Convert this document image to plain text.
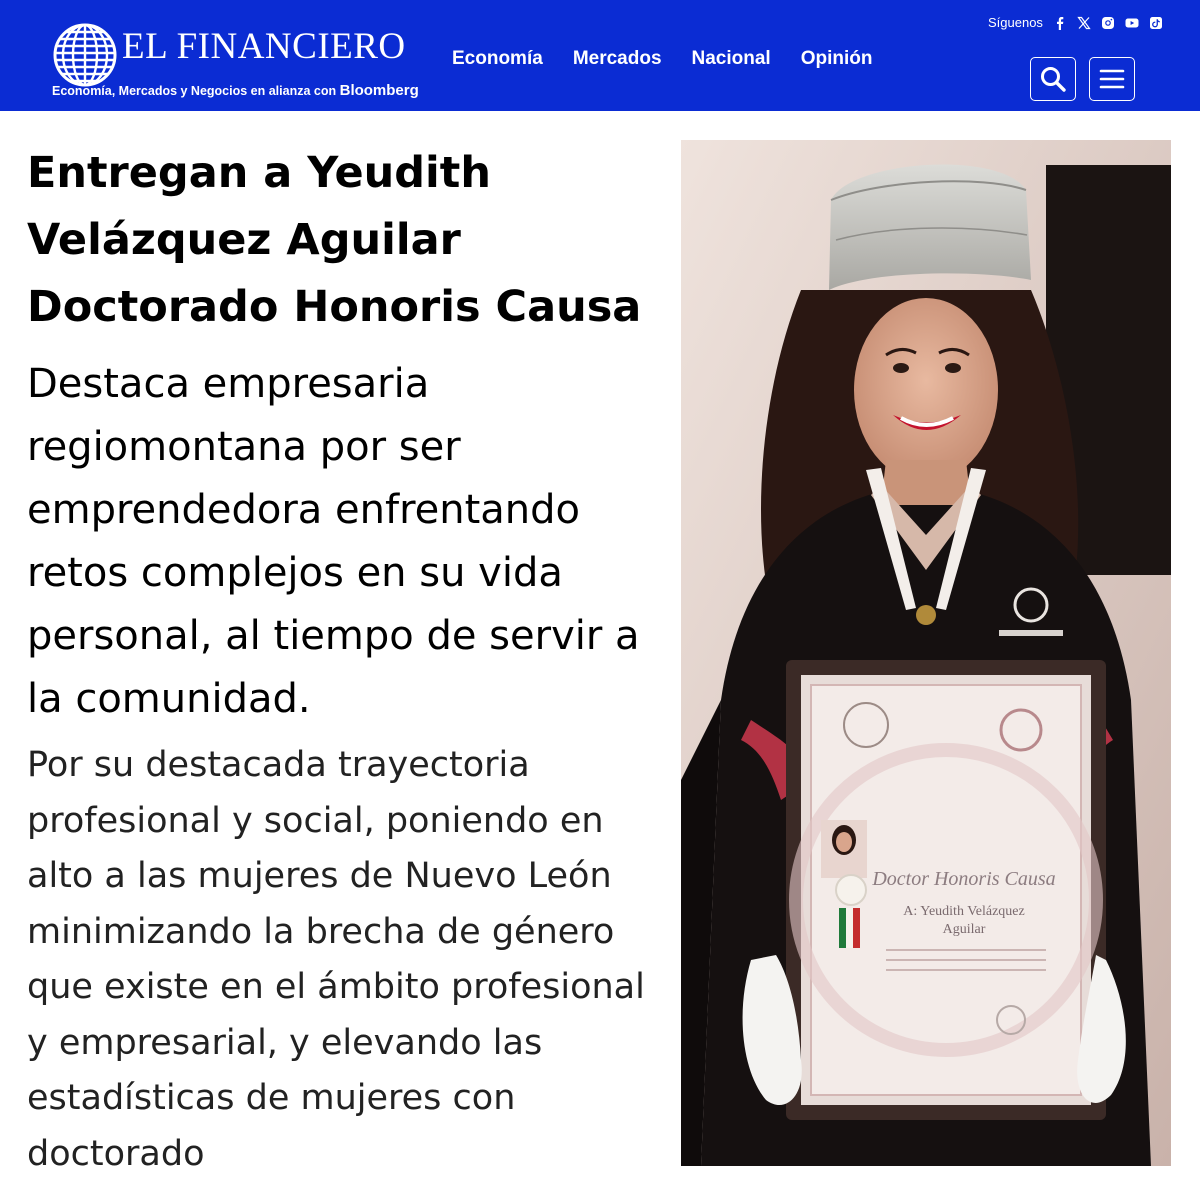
EL FINANCIERO
Economía, Mercados y Negocios en alianza con Bloomberg
Economía Mercados Nacional Opinión
Síguenos
Entregan a Yeudith Velázquez Aguilar Doctorado Honoris Causa

Destaca empresaria regiomontana por ser emprendedora enfrentando retos complejos en su vida personal, al tiempo de servir a la comunidad.

Por su destacada trayectoria profesional y social, poniendo en alto a las mujeres de Nuevo León minimizando la brecha de género que existe en el ámbito profesional y empresarial, y elevando las estadísticas de mujeres con doctorado

Doctor Honoris Causa
A: Yeudith Velázquez
Aguilar
